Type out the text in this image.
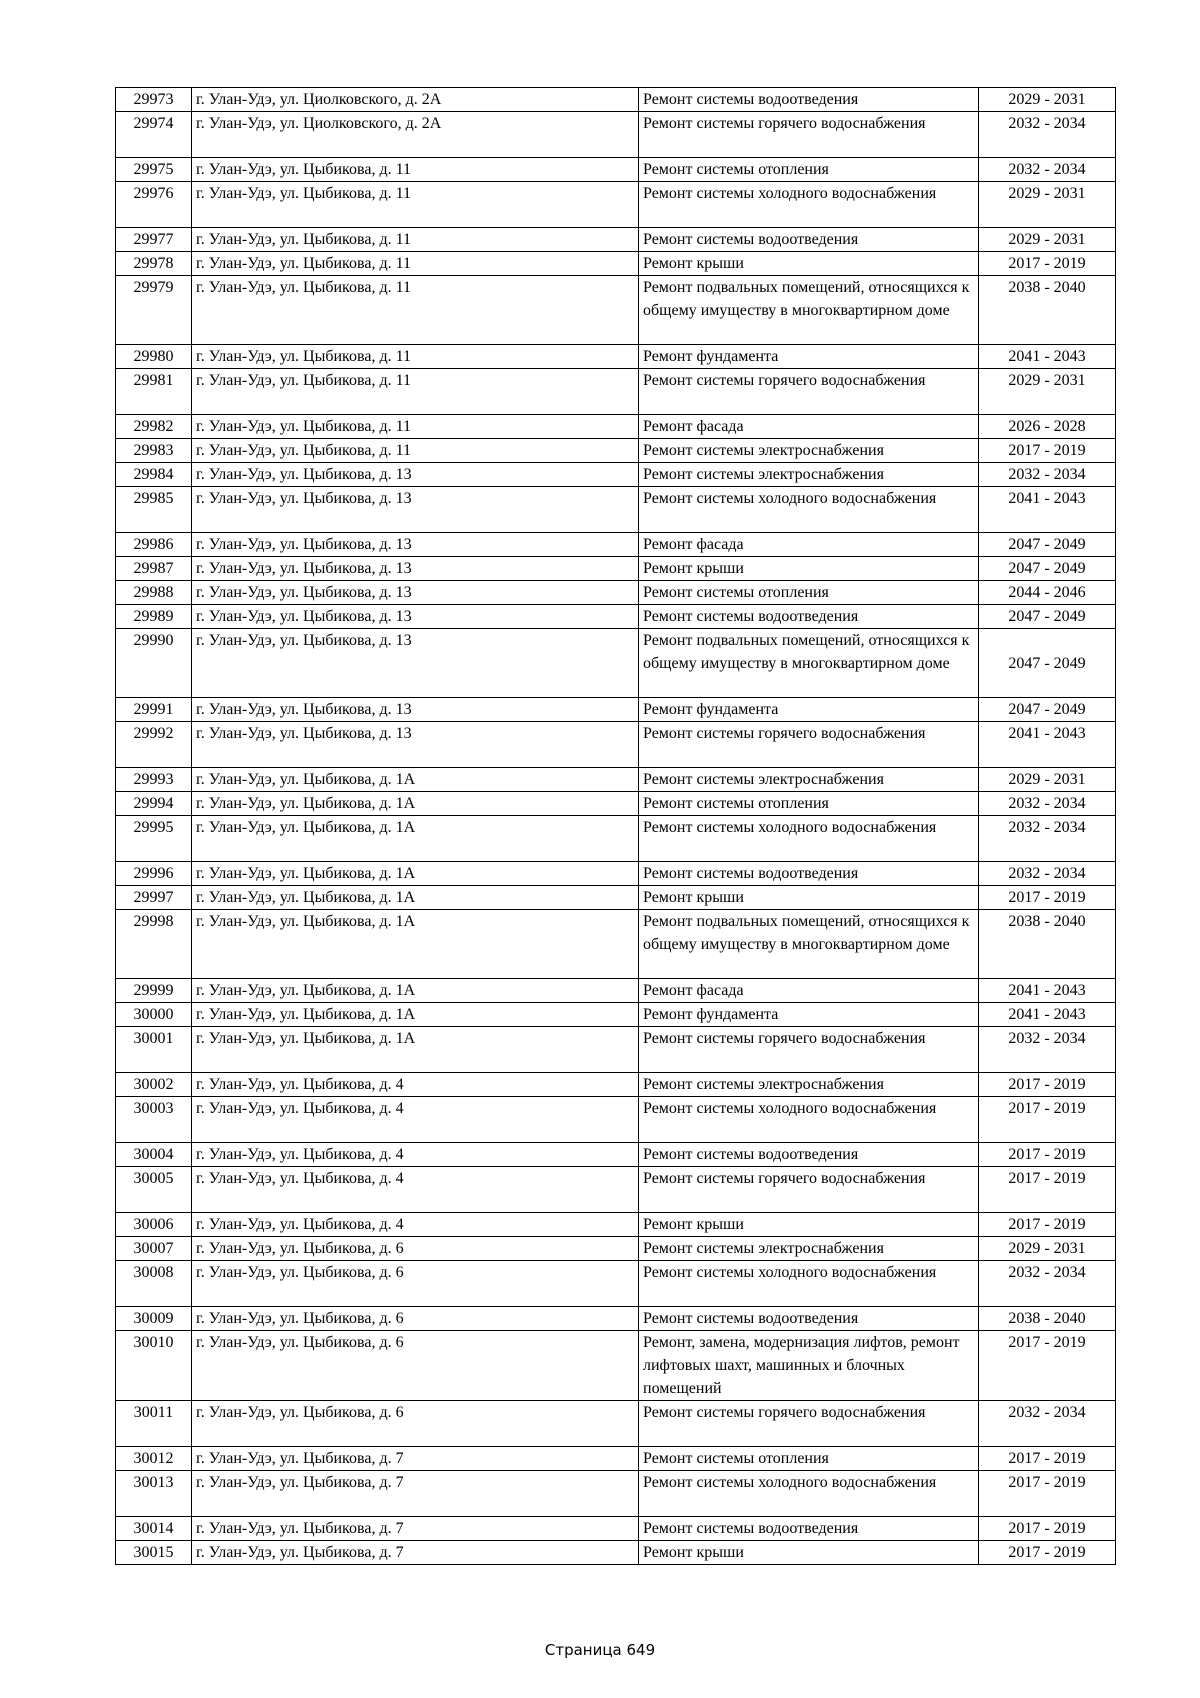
29973	г. Улан-Удэ, ул. Циолковского, д. 2А	Ремонт системы водоотведения	2029 - 2031
29974	г. Улан-Удэ, ул. Циолковского, д. 2А	Ремонт системы горячего водоснабжения	2032 - 2034
29975	г. Улан-Удэ, ул. Цыбикова, д. 11	Ремонт системы отопления	2032 - 2034
29976	г. Улан-Удэ, ул. Цыбикова, д. 11	Ремонт системы холодного водоснабжения	2029 - 2031
29977	г. Улан-Удэ, ул. Цыбикова, д. 11	Ремонт системы водоотведения	2029 - 2031
29978	г. Улан-Удэ, ул. Цыбикова, д. 11	Ремонт крыши	2017 - 2019
29979	г. Улан-Удэ, ул. Цыбикова, д. 11	Ремонт подвальных помещений, относящихся к общему имуществу в многоквартирном доме	2038 - 2040
29980	г. Улан-Удэ, ул. Цыбикова, д. 11	Ремонт фундамента	2041 - 2043
29981	г. Улан-Удэ, ул. Цыбикова, д. 11	Ремонт системы горячего водоснабжения	2029 - 2031
29982	г. Улан-Удэ, ул. Цыбикова, д. 11	Ремонт фасада	2026 - 2028
29983	г. Улан-Удэ, ул. Цыбикова, д. 11	Ремонт системы электроснабжения	2017 - 2019
29984	г. Улан-Удэ, ул. Цыбикова, д. 13	Ремонт системы электроснабжения	2032 - 2034
29985	г. Улан-Удэ, ул. Цыбикова, д. 13	Ремонт системы холодного водоснабжения	2041 - 2043
29986	г. Улан-Удэ, ул. Цыбикова, д. 13	Ремонт фасада	2047 - 2049
29987	г. Улан-Удэ, ул. Цыбикова, д. 13	Ремонт крыши	2047 - 2049
29988	г. Улан-Удэ, ул. Цыбикова, д. 13	Ремонт системы отопления	2044 - 2046
29989	г. Улан-Удэ, ул. Цыбикова, д. 13	Ремонт системы водоотведения	2047 - 2049
29990	г. Улан-Удэ, ул. Цыбикова, д. 13	Ремонт подвальных помещений, относящихся к общему имуществу в многоквартирном доме	2047 - 2049
29991	г. Улан-Удэ, ул. Цыбикова, д. 13	Ремонт фундамента	2047 - 2049
29992	г. Улан-Удэ, ул. Цыбикова, д. 13	Ремонт системы горячего водоснабжения	2041 - 2043
29993	г. Улан-Удэ, ул. Цыбикова, д. 1А	Ремонт системы электроснабжения	2029 - 2031
29994	г. Улан-Удэ, ул. Цыбикова, д. 1А	Ремонт системы отопления	2032 - 2034
29995	г. Улан-Удэ, ул. Цыбикова, д. 1А	Ремонт системы холодного водоснабжения	2032 - 2034
29996	г. Улан-Удэ, ул. Цыбикова, д. 1А	Ремонт системы водоотведения	2032 - 2034
29997	г. Улан-Удэ, ул. Цыбикова, д. 1А	Ремонт крыши	2017 - 2019
29998	г. Улан-Удэ, ул. Цыбикова, д. 1А	Ремонт подвальных помещений, относящихся к общему имуществу в многоквартирном доме	2038 - 2040
29999	г. Улан-Удэ, ул. Цыбикова, д. 1А	Ремонт фасада	2041 - 2043
30000	г. Улан-Удэ, ул. Цыбикова, д. 1А	Ремонт фундамента	2041 - 2043
30001	г. Улан-Удэ, ул. Цыбикова, д. 1А	Ремонт системы горячего водоснабжения	2032 - 2034
30002	г. Улан-Удэ, ул. Цыбикова, д. 4	Ремонт системы электроснабжения	2017 - 2019
30003	г. Улан-Удэ, ул. Цыбикова, д. 4	Ремонт системы холодного водоснабжения	2017 - 2019
30004	г. Улан-Удэ, ул. Цыбикова, д. 4	Ремонт системы водоотведения	2017 - 2019
30005	г. Улан-Удэ, ул. Цыбикова, д. 4	Ремонт системы горячего водоснабжения	2017 - 2019
30006	г. Улан-Удэ, ул. Цыбикова, д. 4	Ремонт крыши	2017 - 2019
30007	г. Улан-Удэ, ул. Цыбикова, д. 6	Ремонт системы электроснабжения	2029 - 2031
30008	г. Улан-Удэ, ул. Цыбикова, д. 6	Ремонт системы холодного водоснабжения	2032 - 2034
30009	г. Улан-Удэ, ул. Цыбикова, д. 6	Ремонт системы водоотведения	2038 - 2040
30010	г. Улан-Удэ, ул. Цыбикова, д. 6	Ремонт, замена, модернизация лифтов, ремонт лифтовых шахт, машинных и блочных помещений	2017 - 2019
30011	г. Улан-Удэ, ул. Цыбикова, д. 6	Ремонт системы горячего водоснабжения	2032 - 2034
30012	г. Улан-Удэ, ул. Цыбикова, д. 7	Ремонт системы отопления	2017 - 2019
30013	г. Улан-Удэ, ул. Цыбикова, д. 7	Ремонт системы холодного водоснабжения	2017 - 2019
30014	г. Улан-Удэ, ул. Цыбикова, д. 7	Ремонт системы водоотведения	2017 - 2019
30015	г. Улан-Удэ, ул. Цыбикова, д. 7	Ремонт крыши	2017 - 2019
Страница 649
